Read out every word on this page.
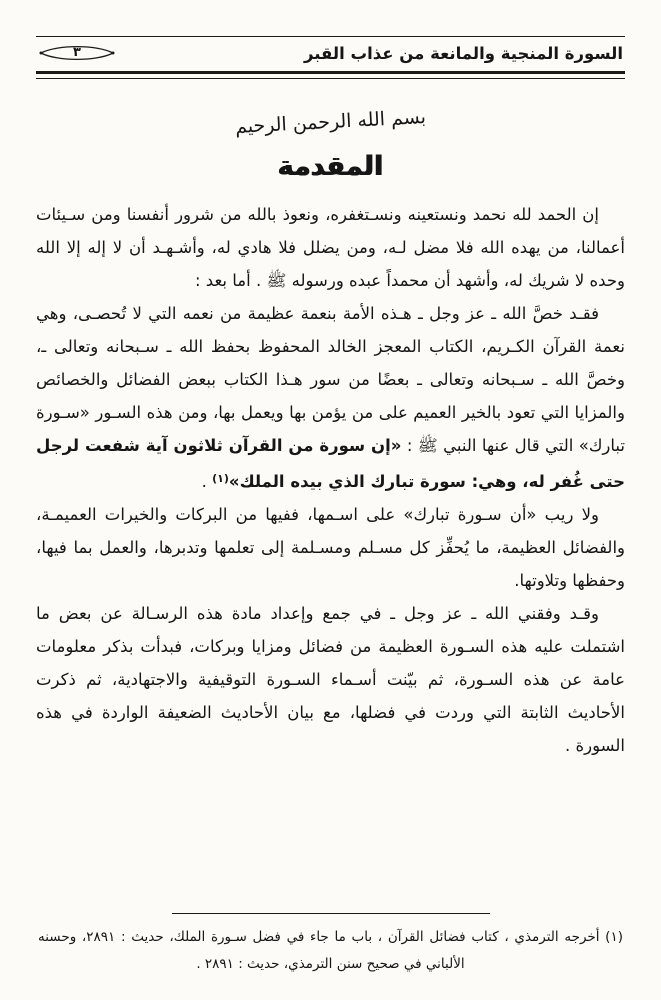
السورة المنجية والمانعة من عذاب القبر
٣
بسم الله الرحمن الرحيم
المقدمة

إن الحمد لله نحمد ونستعينه ونسـتغفره، ونعوذ بالله من شرور أنفسنا ومن سـيئات أعمالنا، من يهده الله فلا مضل لـه، ومن يضلل فلا هادي له، وأشـهـد أن لا إله إلا الله وحده لا شريك له، وأشهد أن محمداً عبده ورسوله ﷺ . أما بعد :

فقـد خصَّ الله ـ عز وجل ـ هـذه الأمة بنعمة عظيمة من نعمه التي لا تُحصـى، وهي نعمة القرآن الكـريم، الكتاب المعجز الخالد المحفوظ بحفظ الله ـ سـبحانه وتعالى ـ، وخصَّ الله ـ سـبحانه وتعالى ـ بعضًا من سور هـذا الكتاب ببعض الفضائل والخصائص والمزايا التي تعود بالخير العميم على من يؤمن بها ويعمل بها، ومن هذه السـور «سـورة تبارك» التي قال عنها النبي ﷺ : «إن سورة من القرآن ثلاثون آية شفعت لرجل حتى غُفر له، وهي: سورة تبارك الذي بيده الملك»$^{(١)}$ .

ولا ريب «أن سـورة تبارك» على اسـمها، ففيها من البركات والخيرات العميمـة، والفضائل العظيمة، ما يُحفِّز كل مسـلم ومسـلمة إلى تعلمها وتدبرها، والعمل بما فيها، وحفظها وتلاوتها.

وقـد وفقني الله ـ عز وجل ـ في جمع وإعداد مادة هذه الرسـالة عن بعض ما اشتملت عليه هذه السـورة العظيمة من فضائل ومزايا وبركات، فبدأت بذكر معلومات عامة عن هذه السـورة، ثم بيّنت أسـماء السـورة التوقيفية والاجتهادية، ثم ذكرت الأحاديث الثابتة التي وردت في فضلها، مع بيان الأحاديث الضعيفة الواردة في هذه السورة .

(١) أخرجه الترمذي ، كتاب فضائل القرآن ، باب ما جاء في فضل سـورة الملك، حديث : ٢٨٩١، وحسنه الألباني في صحيح سنن الترمذي، حديث : ٢٨٩١ .
